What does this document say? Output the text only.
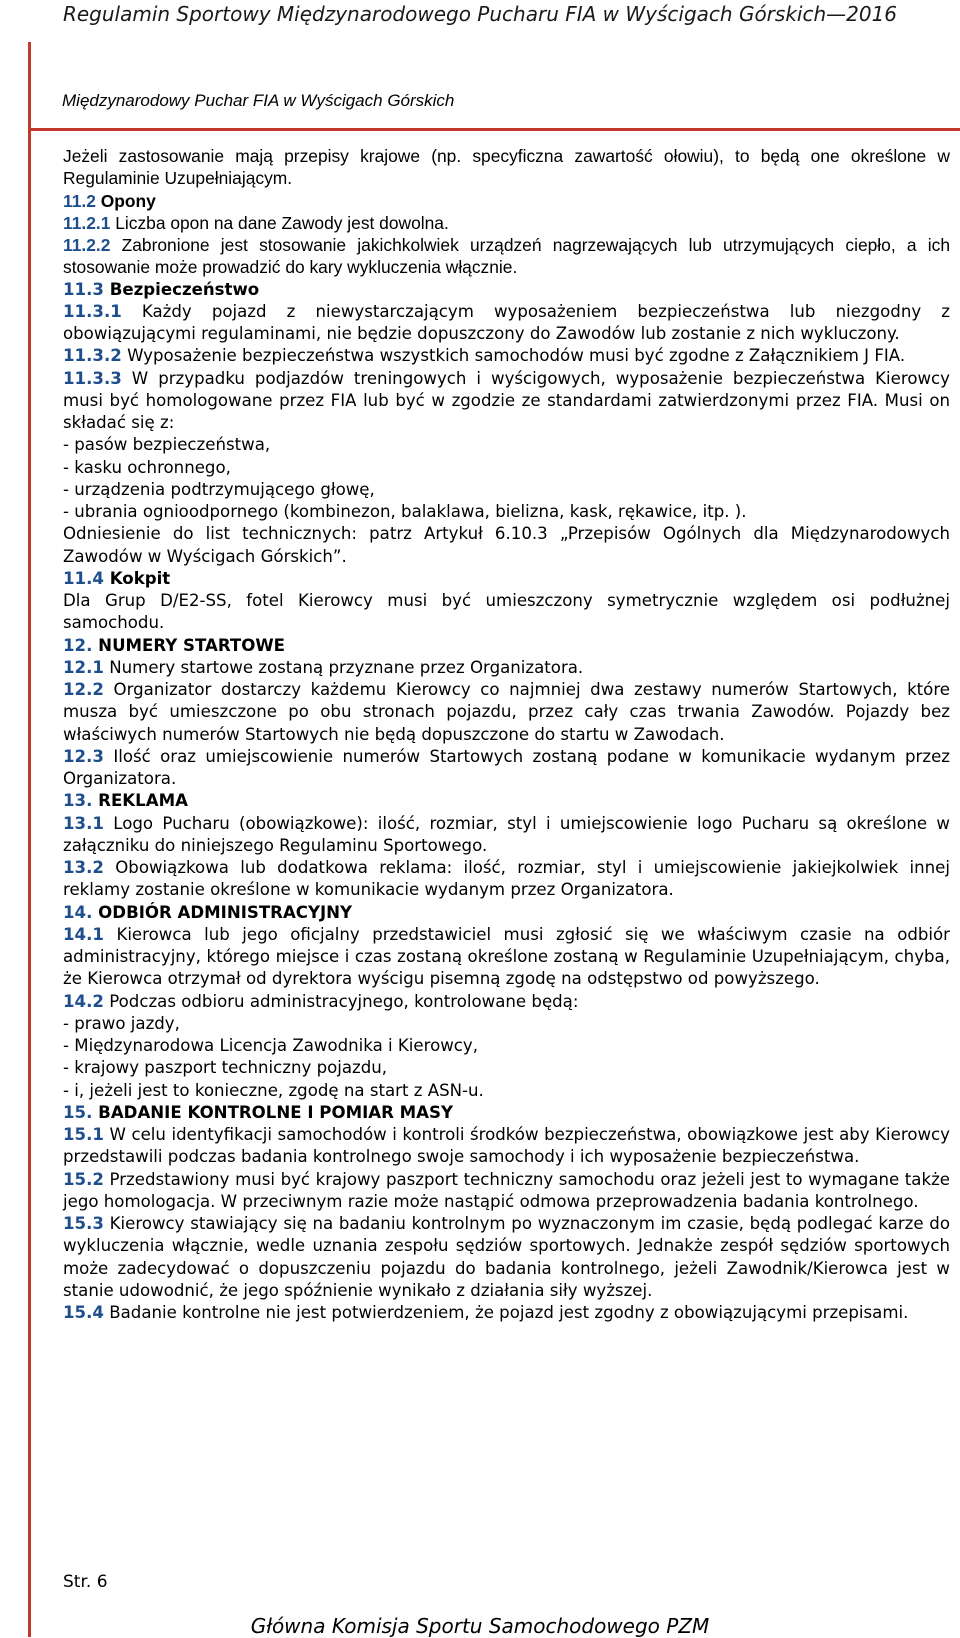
Regulamin Sportowy Międzynarodowego Pucharu FIA w Wyścigach Górskich—2016
Międzynarodowy Puchar FIA w Wyścigach Górskich

Jeżeli zastosowanie mają przepisy krajowe (np. specyficzna zawartość ołowiu), to będą one określone w Regulaminie Uzupełniającym.

11.2 Opony

11.2.1 Liczba opon na dane Zawody jest dowolna.

11.2.2 Zabronione jest stosowanie jakichkolwiek urządzeń nagrzewających lub utrzymujących ciepło, a ich stosowanie może prowadzić do kary wykluczenia włącznie.

11.3 Bezpieczeństwo

11.3.1 Każdy pojazd z niewystarczającym wyposażeniem bezpieczeństwa lub niezgodny z obowiązującymi regulaminami, nie będzie dopuszczony do Zawodów lub zostanie z nich wykluczony.

11.3.2 Wyposażenie bezpieczeństwa wszystkich samochodów musi być zgodne z Załącznikiem J FIA.

11.3.3 W przypadku podjazdów treningowych i wyścigowych, wyposażenie bezpieczeństwa Kierowcy musi być homologowane przez FIA lub być w zgodzie ze standardami zatwierdzonymi przez FIA. Musi on składać się z:

- pasów bezpieczeństwa,

- kasku ochronnego,

- urządzenia podtrzymującego głowę,

- ubrania ognioodpornego (kombinezon, balaklawa, bielizna, kask, rękawice, itp. ).

Odniesienie do list technicznych: patrz Artykuł 6.10.3 „Przepisów Ogólnych dla Międzynarodowych Zawodów w Wyścigach Górskich”.

11.4 Kokpit

Dla Grup D/E2-SS, fotel Kierowcy musi być umieszczony symetrycznie względem osi podłużnej samochodu.

12. NUMERY STARTOWE

12.1 Numery startowe zostaną przyznane przez Organizatora.

12.2 Organizator dostarczy każdemu Kierowcy co najmniej dwa zestawy numerów Startowych, które musza być umieszczone po obu stronach pojazdu, przez cały czas trwania Zawodów. Pojazdy bez właściwych numerów Startowych nie będą dopuszczone do startu w Zawodach.

12.3 Ilość oraz umiejscowienie numerów Startowych zostaną podane w komunikacie wydanym przez Organizatora.

13. REKLAMA

13.1 Logo Pucharu (obowiązkowe): ilość, rozmiar, styl i umiejscowienie logo Pucharu są określone w załączniku do niniejszego Regulaminu Sportowego.

13.2 Obowiązkowa lub dodatkowa reklama: ilość, rozmiar, styl i umiejscowienie jakiejkolwiek innej reklamy zostanie określone w komunikacie wydanym przez Organizatora.

14. ODBIÓR ADMINISTRACYJNY

14.1 Kierowca lub jego oficjalny przedstawiciel musi zgłosić się we właściwym czasie na odbiór administracyjny, którego miejsce i czas zostaną określone zostaną w Regulaminie Uzupełniającym, chyba, że Kierowca otrzymał od dyrektora wyścigu pisemną zgodę na odstępstwo od powyższego.

14.2 Podczas odbioru administracyjnego, kontrolowane będą:

- prawo jazdy,

- Międzynarodowa Licencja Zawodnika i Kierowcy,

- krajowy paszport techniczny pojazdu,

- i, jeżeli jest to konieczne, zgodę na start z ASN-u.

15. BADANIE KONTROLNE I POMIAR MASY

15.1 W celu identyfikacji samochodów i kontroli środków bezpieczeństwa, obowiązkowe jest aby Kierowcy przedstawili podczas badania kontrolnego swoje samochody i ich wyposażenie bezpieczeństwa.

15.2 Przedstawiony musi być krajowy paszport techniczny samochodu oraz jeżeli jest to wymagane także jego homologacja. W przeciwnym razie może nastąpić odmowa przeprowadzenia badania kontrolnego.

15.3 Kierowcy stawiający się na badaniu kontrolnym po wyznaczonym im czasie, będą podlegać karze do wykluczenia włącznie, wedle uznania zespołu sędziów sportowych. Jednakże zespół sędziów sportowych może zadecydować o dopuszczeniu pojazdu do badania kontrolnego, jeżeli Zawodnik/Kierowca jest w stanie udowodnić, że jego spóźnienie wynikało z działania siły wyższej.

15.4 Badanie kontrolne nie jest potwierdzeniem, że pojazd jest zgodny z obowiązującymi przepisami.

Str. 6
Główna Komisja Sportu Samochodowego PZM
